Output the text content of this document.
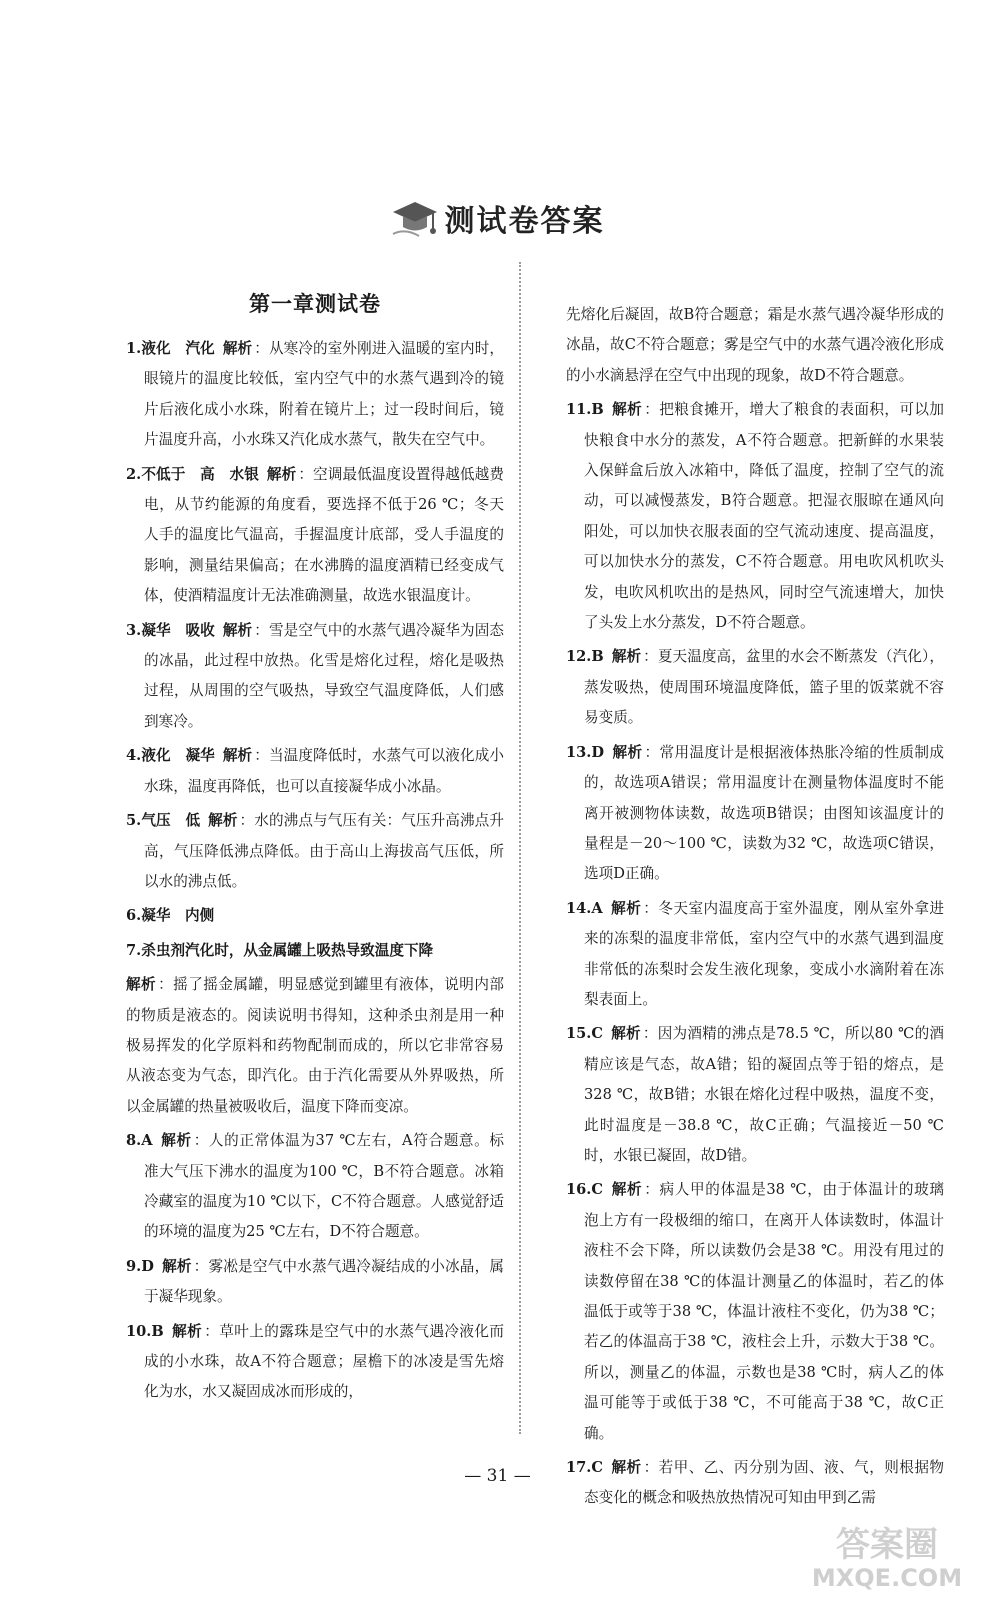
测试卷答案
第一章测试卷
1.液化　汽化 解析 ：从寒冷的室外刚进入温暖的室内时，眼镜片的温度比较低，室内空气中的水蒸气遇到冷的镜片后液化成小水珠，附着在镜片上；过一段时间后，镜片温度升高，小水珠又汽化成水蒸气，散失在空气中。
2.不低于　高　水银 解析 ：空调最低温度设置得越低越费电，从节约能源的角度看，要选择不低于26 ℃；冬天人手的温度比气温高，手握温度计底部，受人手温度的影响，测量结果偏高；在水沸腾的温度酒精已经变成气体，使酒精温度计无法准确测量，故选水银温度计。
3.凝华　吸收 解析 ：雪是空气中的水蒸气遇冷凝华为固态的冰晶，此过程中放热。化雪是熔化过程，熔化是吸热过程，从周围的空气吸热，导致空气温度降低，人们感到寒冷。
4.液化　凝华 解析 ：当温度降低时，水蒸气可以液化成小水珠，温度再降低，也可以直接凝华成小冰晶。
5.气压　低 解析 ：水的沸点与气压有关：气压升高沸点升高，气压降低沸点降低。由于高山上海拔高气压低，所以水的沸点低。
6.凝华　内侧
7.杀虫剂汽化时，从金属罐上吸热导致温度下降
解析 ：摇了摇金属罐，明显感觉到罐里有液体，说明内部的物质是液态的。阅读说明书得知，这种杀虫剂是用一种极易挥发的化学原料和药物配制而成的，所以它非常容易从液态变为气态，即汽化。由于汽化需要从外界吸热，所以金属罐的热量被吸收后，温度下降而变凉。
8.A 解析 ：人的正常体温为37 ℃左右，A符合题意。标准大气压下沸水的温度为100 ℃，B不符合题意。冰箱冷藏室的温度为10 ℃以下，C不符合题意。人感觉舒适的环境的温度为25 ℃左右，D不符合题意。
9.D 解析 ：雾凇是空气中水蒸气遇冷凝结成的小冰晶，属于凝华现象。
10.B 解析 ：草叶上的露珠是空气中的水蒸气遇冷液化而成的小水珠，故A不符合题意；屋檐下的冰凌是雪先熔化为水，水又凝固成冰而形成的，
先熔化后凝固，故B符合题意；霜是水蒸气遇冷凝华形成的冰晶，故C不符合题意；雾是空气中的水蒸气遇冷液化形成的小水滴悬浮在空气中出现的现象，故D不符合题意。
11.B 解析 ：把粮食摊开，增大了粮食的表面积，可以加快粮食中水分的蒸发，A不符合题意。把新鲜的水果装入保鲜盒后放入冰箱中，降低了温度，控制了空气的流动，可以减慢蒸发，B符合题意。把湿衣服晾在通风向阳处，可以加快衣服表面的空气流动速度、提高温度，可以加快水分的蒸发，C不符合题意。用电吹风机吹头发，电吹风机吹出的是热风，同时空气流速增大，加快了头发上水分蒸发，D不符合题意。
12.B 解析 ：夏天温度高，盆里的水会不断蒸发（汽化），蒸发吸热，使周围环境温度降低，篮子里的饭菜就不容易变质。
13.D 解析 ：常用温度计是根据液体热胀冷缩的性质制成的，故选项A错误；常用温度计在测量物体温度时不能离开被测物体读数，故选项B错误；由图知该温度计的量程是－20～100 ℃，读数为32 ℃，故选项C错误，选项D正确。
14.A 解析 ：冬天室内温度高于室外温度，刚从室外拿进来的冻梨的温度非常低，室内空气中的水蒸气遇到温度非常低的冻梨时会发生液化现象，变成小水滴附着在冻梨表面上。
15.C 解析 ：因为酒精的沸点是78.5 ℃，所以80 ℃的酒精应该是气态，故A错；铅的凝固点等于铅的熔点，是328 ℃，故B错；水银在熔化过程中吸热，温度不变，此时温度是－38.8 ℃，故C正确；气温接近－50 ℃时，水银已凝固，故D错。
16.C 解析 ：病人甲的体温是38 ℃，由于体温计的玻璃泡上方有一段极细的缩口，在离开人体读数时，体温计液柱不会下降，所以读数仍会是38 ℃。用没有甩过的读数停留在38 ℃的体温计测量乙的体温时，若乙的体温低于或等于38 ℃，体温计液柱不变化，仍为38 ℃；若乙的体温高于38 ℃，液柱会上升，示数大于38 ℃。所以，测量乙的体温，示数也是38 ℃时，病人乙的体温可能等于或低于38 ℃，不可能高于38 ℃，故C正确。
17.C 解析 ：若甲、乙、丙分别为固、液、气，则根据物态变化的概念和吸热放热情况可知由甲到乙需
— 31 —
答案圈
MXQE.COM
